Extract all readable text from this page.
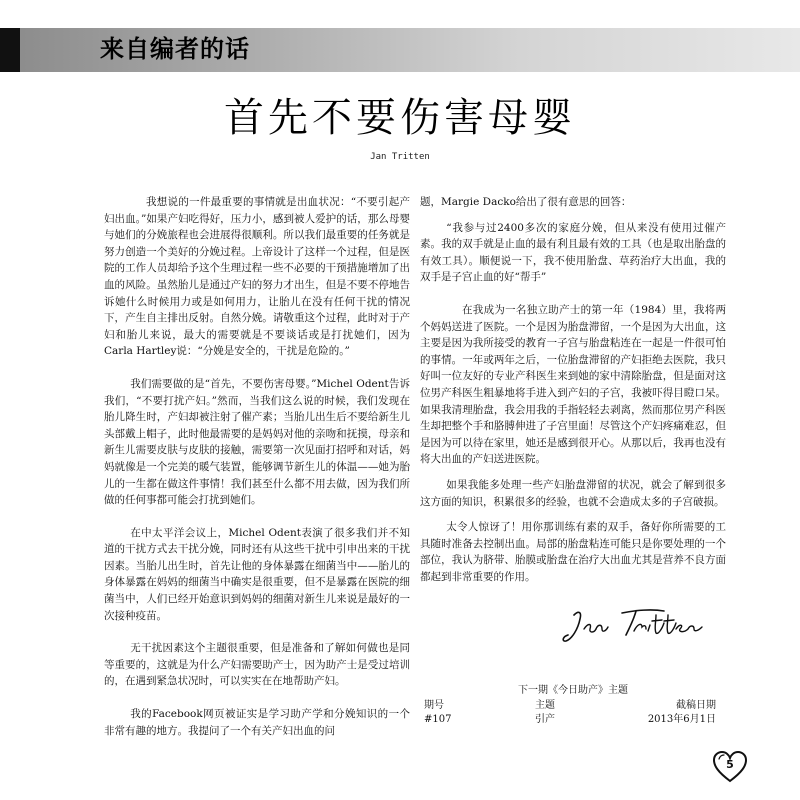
来自编者的话
首先不要伤害母婴
Jan Tritten

我想说的一件最重要的事情就是出血状况：“不要引起产妇出血。”如果产妇吃得好，压力小，感到被人爱护的话，那么母婴与她们的分娩旅程也会进展得很顺利。所以我们最重要的任务就是努力创造一个美好的分娩过程。上帝设计了这样一个过程，但是医院的工作人员却给予这个生理过程一些不必要的干预措施增加了出血的风险。虽然胎儿是通过产妇的努力才出生，但是不要不停地告诉她什么时候用力或是如何用力，让胎儿在没有任何干扰的情况下，产生自主排出反射。自然分娩。请敬重这个过程，此时对于产妇和胎儿来说，最大的需要就是不要谈话或是打扰她们，因为Carla Hartley说：“分娩是安全的，干扰是危险的。”

我们需要做的是“首先，不要伤害母婴。”Michel Odent告诉我们，“不要打扰产妇。”然而，当我们这么说的时候，我们发现在胎儿降生时，产妇却被注射了催产素；当胎儿出生后不要给新生儿头部戴上帽子，此时他最需要的是妈妈对他的亲吻和抚摸，母亲和新生儿需要皮肤与皮肤的接触，需要第一次见面打招呼和对话，妈妈就像是一个完美的暖气装置，能够调节新生儿的体温——她为胎儿的一生都在做这件事情！我们甚至什么都不用去做，因为我们所做的任何事都可能会打扰到她们。

在中太平洋会议上，Michel Odent表演了很多我们并不知道的干扰方式去干扰分娩，同时还有从这些干扰中引申出来的干扰因素。当胎儿出生时，首先让他的身体暴露在细菌当中——胎儿的身体暴露在妈妈的细菌当中确实是很重要，但不是暴露在医院的细菌当中，人们已经开始意识到妈妈的细菌对新生儿来说是最好的一次接种疫苗。

无干扰因素这个主题很重要，但是准备和了解如何做也是同等重要的，这就是为什么产妇需要助产士，因为助产士是受过培训的，在遇到紧急状况时，可以实实在在地帮助产妇。

我的Facebook网页被证实是学习助产学和分娩知识的一个非常有趣的地方。我提问了一个有关产妇出血的问

题，Margie Dacko给出了很有意思的回答：

“我参与过2400多次的家庭分娩，但从来没有使用过催产素。我的双手就是止血的最有利且最有效的工具（也是取出胎盘的有效工具）。顺便说一下，我不使用胎盘、草药治疗大出血，我的双手是子宫止血的好“帮手”

在我成为一名独立助产士的第一年（1984）里，我将两个妈妈送进了医院。一个是因为胎盘滞留，一个是因为大出血，这主要是因为我所接受的教育一子宫与胎盘粘连在一起是一件很可怕的事情。一年或两年之后，一位胎盘滞留的产妇拒绝去医院，我只好叫一位友好的专业产科医生来到她的家中清除胎盘，但是面对这位男产科医生粗暴地将手进入到产妇的子宫，我被吓得目瞪口呆。如果我清理胎盘，我会用我的手指轻轻去剥离，然而那位男产科医生却把整个手和胳膊伸进了子宫里面！尽管这个产妇疼痛难忍，但是因为可以待在家里，她还是感到很开心。从那以后，我再也没有将大出血的产妇送进医院。

如果我能多处理一些产妇胎盘滞留的状况，就会了解到很多这方面的知识，积累很多的经验，也就不会造成太多的子宫破损。

太令人惊讶了！用你那训练有素的双手，备好你所需要的工具随时准备去控制出血。局部的胎盘粘连可能只是你要处理的一个部位，我认为脐带、胎膜或胎盘在治疗大出血尤其是营养不良方面都起到非常重要的作用。

下一期《今日助产》主题
期号	主题	截稿日期
#107	引产	2013年6月1日
5
